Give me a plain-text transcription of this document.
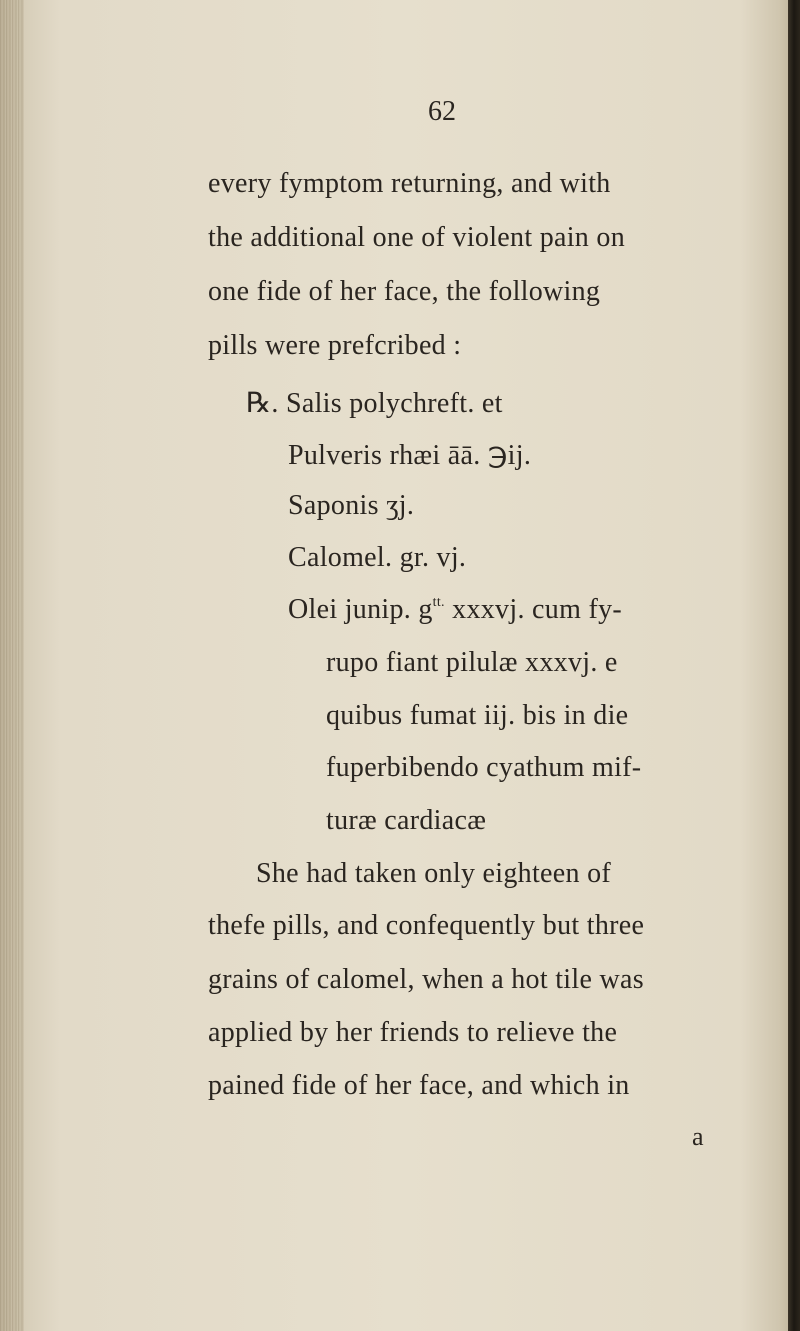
62
every fymptom returning, and with
the additional one of violent pain on
one fide of her face, the following
pills were prefcribed :
℞. Salis polychreft. et
Pulveris rhæi āā. ℈ij.
Saponis ʒj.
Calomel. gr. vj.
Olei junip. $g^{tt.}$ xxxvj. cum fy-
rupo fiant pilulæ xxxvj. e
quibus fumat iij. bis in die
fuperbibendo cyathum mif-
turæ cardiacæ
She had taken only eighteen of
thefe pills, and confequently but three
grains of calomel, when a hot tile was
applied by her friends to relieve the
pained fide of her face, and which in
a
